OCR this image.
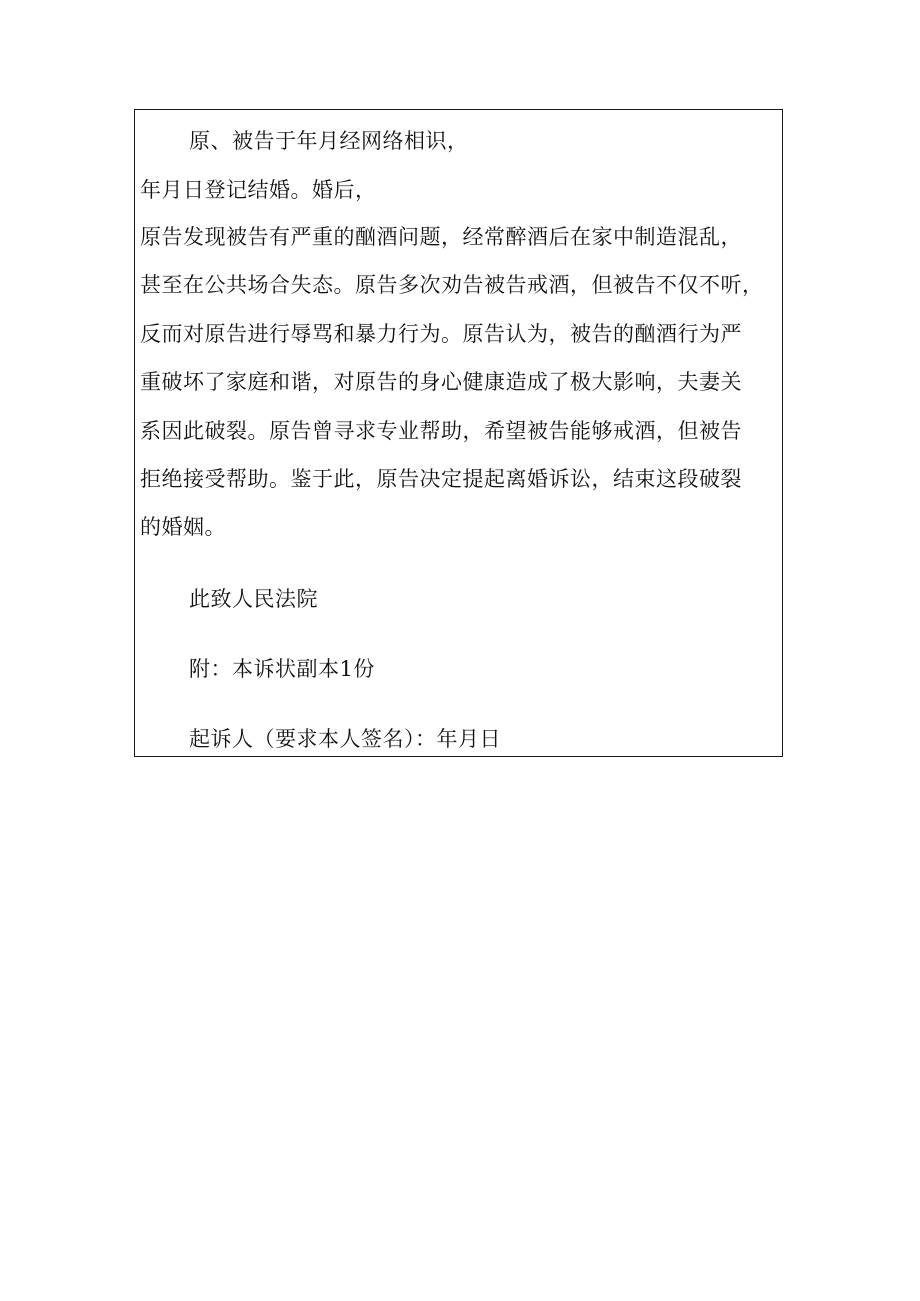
原、被告于年月经网络相识，
年月日登记结婚。婚后，
原告发现被告有严重的酗酒问题，经常醉酒后在家中制造混乱，
甚至在公共场合失态。原告多次劝告被告戒酒，但被告不仅不听，
反而对原告进行辱骂和暴力行为。原告认为，被告的酗酒行为严
重破坏了家庭和谐，对原告的身心健康造成了极大影响，夫妻关
系因此破裂。原告曾寻求专业帮助，希望被告能够戒酒，但被告
拒绝接受帮助。鉴于此，原告决定提起离婚诉讼，结束这段破裂
的婚姻。
此致人民法院
附：本诉状副本1份
起诉人（要求本人签名）：年月日
